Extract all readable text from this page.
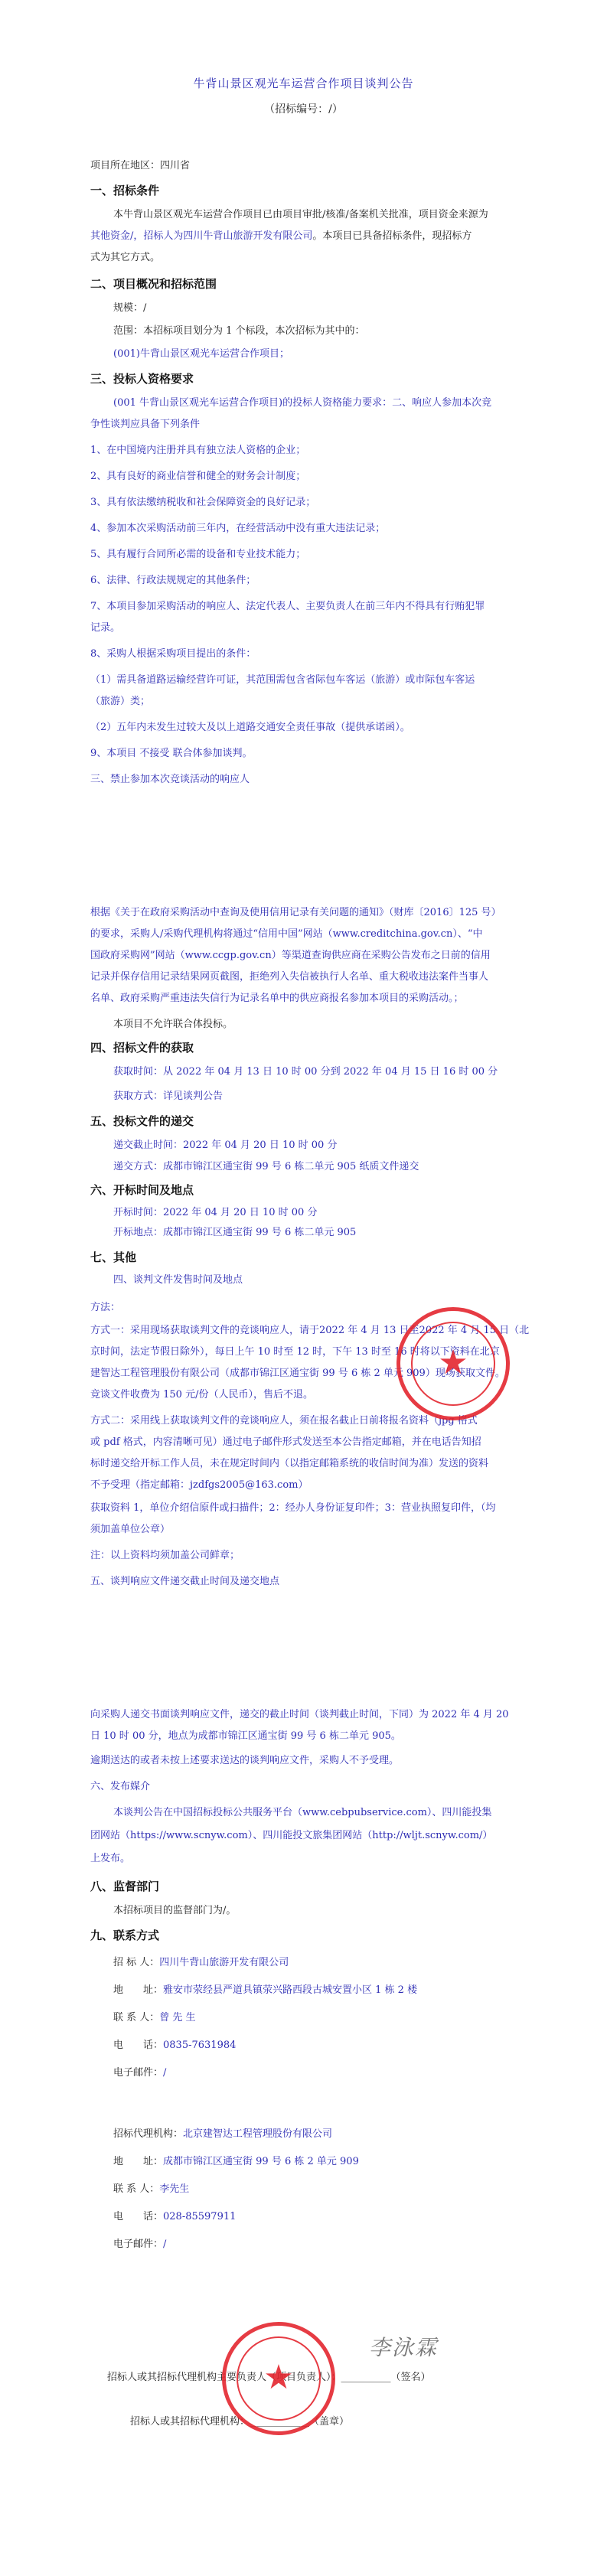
牛背山景区观光车运营合作项目谈判公告
（招标编号：/）
项目所在地区：四川省
一、招标条件
本牛背山景区观光车运营合作项目已由项目审批/核准/备案机关批准，项目资金来源为
其他资金/，招标人为四川牛背山旅游开发有限公司。本项目已具备招标条件，现招标方
式为其它方式。
二、项目概况和招标范围
规模：/
范围：本招标项目划分为 1 个标段，本次招标为其中的：
(001)牛背山景区观光车运营合作项目；
三、投标人资格要求
(001 牛背山景区观光车运营合作项目)的投标人资格能力要求：二、响应人参加本次竞
争性谈判应具备下列条件
1、在中国境内注册并具有独立法人资格的企业；
2、具有良好的商业信誉和健全的财务会计制度；
3、具有依法缴纳税收和社会保障资金的良好记录；
4、参加本次采购活动前三年内，在经营活动中没有重大违法记录；
5、具有履行合同所必需的设备和专业技术能力；
6、法律、行政法规规定的其他条件；
7、本项目参加采购活动的响应人、法定代表人、主要负责人在前三年内不得具有行贿犯罪
记录。
8、采购人根据采购项目提出的条件：
（1）需具备道路运输经营许可证，其范围需包含省际包车客运（旅游）或市际包车客运
（旅游）类；
（2）五年内未发生过较大及以上道路交通安全责任事故（提供承诺函）。
9、本项目 不接受 联合体参加谈判。
三、禁止参加本次竞谈活动的响应人
根据《关于在政府采购活动中查询及使用信用记录有关问题的通知》（财库〔2016〕125 号）
的要求，采购人/采购代理机构将通过“信用中国”网站（www.creditchina.gov.cn）、“中
国政府采购网”网站（www.ccgp.gov.cn）等渠道查询供应商在采购公告发布之日前的信用
记录并保存信用记录结果网页截图，拒绝列入失信被执行人名单、重大税收违法案件当事人
名单、政府采购严重违法失信行为记录名单中的供应商报名参加本项目的采购活动。；
本项目不允许联合体投标。
四、招标文件的获取
获取时间：从 2022 年 04 月 13 日 10 时 00 分到 2022 年 04 月 15 日 16 时 00 分
获取方式：详见谈判公告
五、投标文件的递交
递交截止时间：2022 年 04 月 20 日 10 时 00 分
递交方式：成都市锦江区通宝街 99 号 6 栋二单元 905 纸质文件递交
六、开标时间及地点
开标时间：2022 年 04 月 20 日 10 时 00 分
开标地点：成都市锦江区通宝街 99 号 6 栋二单元 905
七、其他
四、谈判文件发售时间及地点
方法：
方式一：采用现场获取谈判文件的竞谈响应人，请于2022 年 4 月 13 日至2022 年 4 月 15 日（北
京时间，法定节假日除外），每日上午 10 时至 12 时，下午 13 时至 16 时将以下资料在北京
建智达工程管理股份有限公司（成都市锦江区通宝街 99 号 6 栋 2 单元 909）现场获取文件。
竞谈文件收费为 150 元/份（人民币），售后不退。
方式二：采用线上获取谈判文件的竞谈响应人，须在报名截止日前将报名资料（jpg 格式
或 pdf 格式，内容清晰可见）通过电子邮件形式发送至本公告指定邮箱，并在电话告知招
标时递交给开标工作人员，未在规定时间内（以指定邮箱系统的收信时间为准）发送的资料
不予受理（指定邮箱：jzdfgs2005@163.com）
获取资料 1，单位介绍信原件或扫描件；2：经办人身份证复印件；3：营业执照复印件，（均
须加盖单位公章）
注：以上资料均须加盖公司鲜章；
五、谈判响应文件递交截止时间及递交地点
向采购人递交书面谈判响应文件，递交的截止时间（谈判截止时间，下同）为 2022 年 4 月 20
日 10 时 00 分，地点为成都市锦江区通宝街 99 号 6 栋二单元 905。
逾期送达的或者未按上述要求送达的谈判响应文件，采购人不予受理。
六、发布媒介
本谈判公告在中国招标投标公共服务平台（www.cebpubservice.com）、四川能投集
团网站（https://www.scnyw.com）、四川能投文旅集团网站（http://wljt.scnyw.com/）
上发布。
八、监督部门
本招标项目的监督部门为/。
九、联系方式
招 标 人：四川牛背山旅游开发有限公司
地　　址：雅安市荥经县严道具镇荥兴路西段古城安置小区 1 栋 2 楼
联 系 人：曾 先 生
电　　话：0835-7631984
电子邮件：/
招标代理机构：北京建智达工程管理股份有限公司
地　　址：成都市锦江区通宝街 99 号 6 栋 2 单元 909
联 系 人：李先生
电　　话：028-85597911
电子邮件：/
招标人或其招标代理机构主要负责人（项目负责人）：__________（签名）
招标人或其招标代理机构：____________（盖章）
李泳霖
★
★
